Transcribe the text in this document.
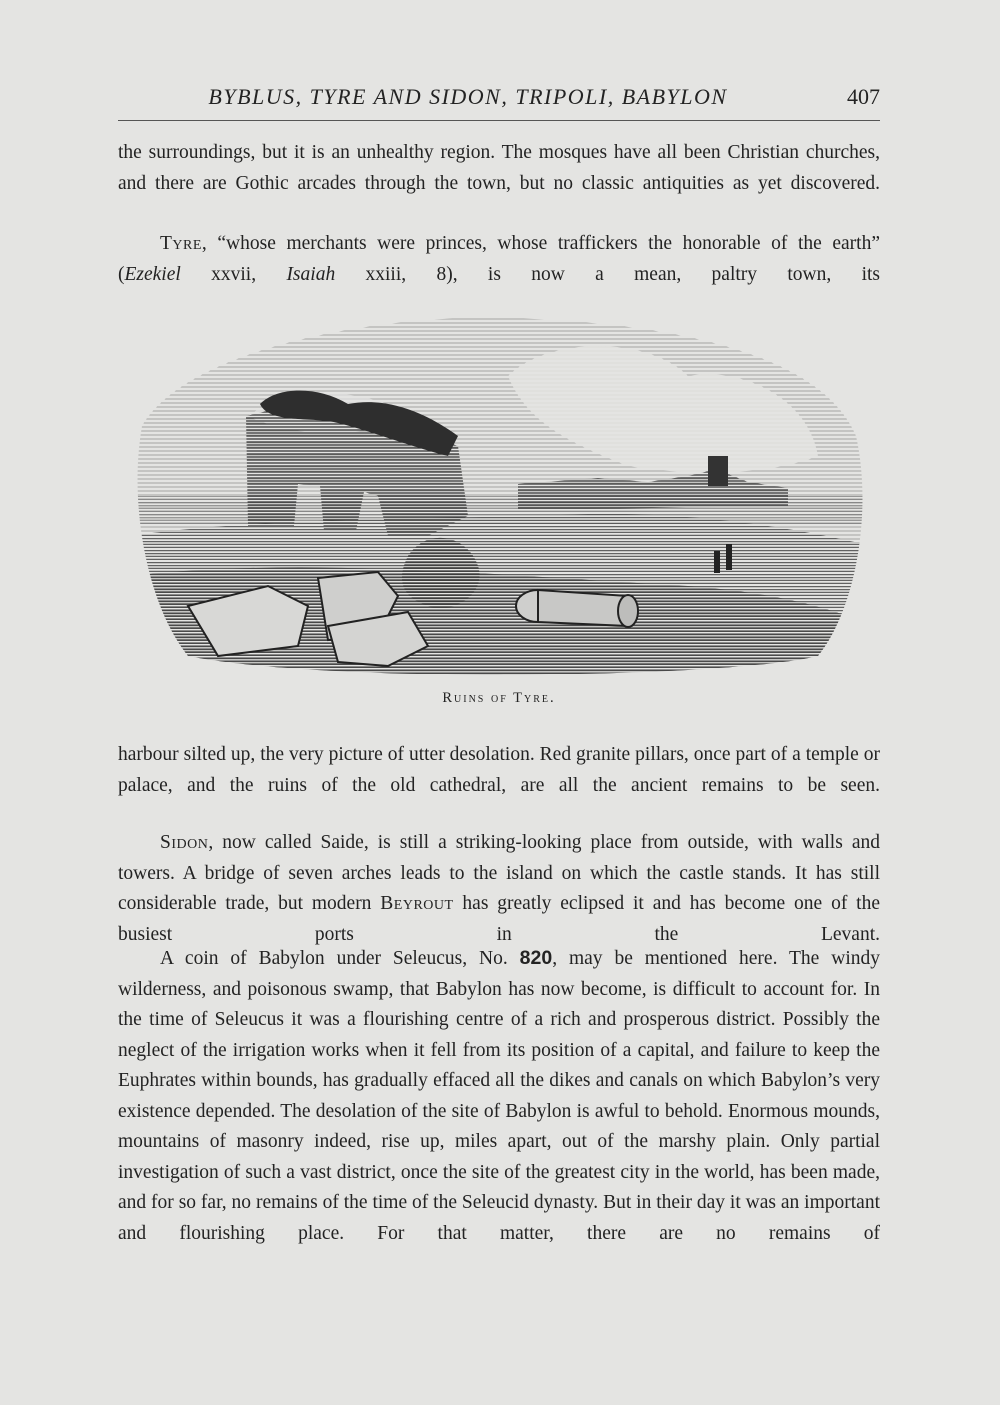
BYBLUS, TYRE AND SIDON, TRIPOLI, BABYLON	407

the surroundings, but it is an unhealthy region. The mosques have all been Christian churches, and there are Gothic arcades through the town, but no classic antiquities as yet discovered.

Tyre, “whose merchants were princes, whose traffickers the honorable of the earth” (Ezekiel xxvii, Isaiah xxiii, 8), is now a mean, paltry town, its

Ruins of Tyre.

harbour silted up, the very picture of utter desolation. Red granite pillars, once part of a temple or palace, and the ruins of the old cathedral, are all the ancient remains to be seen.

Sidon, now called Saide, is still a striking-looking place from outside, with walls and towers. A bridge of seven arches leads to the island on which the castle stands. It has still considerable trade, but modern Beyrout has greatly eclipsed it and has become one of the busiest ports in the Levant.

A coin of Babylon under Seleucus, No. 820, may be mentioned here. The windy wilderness, and poisonous swamp, that Babylon has now become, is difficult to account for. In the time of Seleucus it was a flourishing centre of a rich and prosperous district. Possibly the neglect of the irrigation works when it fell from its position of a capital, and failure to keep the Euphrates within bounds, has gradually effaced all the dikes and canals on which Babylon’s very existence depended. The desolation of the site of Babylon is awful to behold. Enormous mounds, mountains of masonry indeed, rise up, miles apart, out of the marshy plain. Only partial investigation of such a vast district, once the site of the greatest city in the world, has been made, and for so far, no remains of the time of the Seleucid dynasty. But in their day it was an important and flourishing place. For that matter, there are no remains of
